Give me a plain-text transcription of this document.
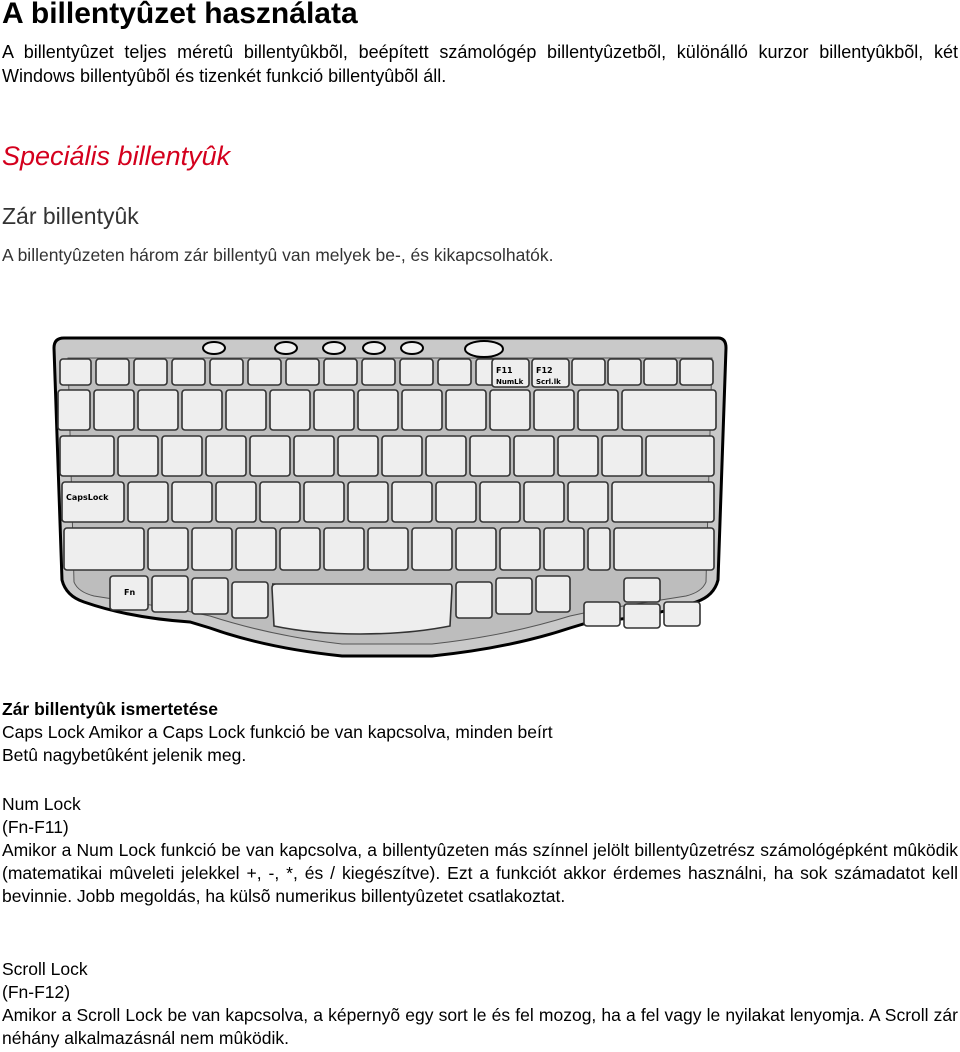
A billentyûzet használata

A billentyûzet teljes méretû billentyûkbõl, beépített számológép billentyûzetbõl, különálló kurzor billentyûkbõl, két Windows billentyûbõl és tizenkét funkció billentyûbõl áll.

Speciális billentyûk
Zár billentyûk

A billentyûzeten három zár billentyû van melyek be-, és kikapcsolhatók.

F11
NumLk
F12
Scrl.lk
CapsLock
Fn
Zár billentyûk ismertetése
Caps Lock Amikor a Caps Lock funkció be van kapcsolva, minden beírt
Betû nagybetûként jelenik meg.
Num Lock
(Fn-F11)
Amikor a Num Lock funkció be van kapcsolva, a billentyûzeten más színnel jelölt billentyûzetrész számológépként mûködik (matematikai mûveleti jelekkel +, -, *, és / kiegészítve). Ezt a funkciót akkor érdemes használni, ha sok számadatot kell bevinnie. Jobb megoldás, ha külsõ numerikus billentyûzetet csatlakoztat.
Scroll Lock
(Fn-F12)
Amikor a Scroll Lock be van kapcsolva, a képernyõ egy sort le és fel mozog, ha a fel vagy le nyilakat lenyomja. A Scroll zár néhány alkalmazásnál nem mûködik.
